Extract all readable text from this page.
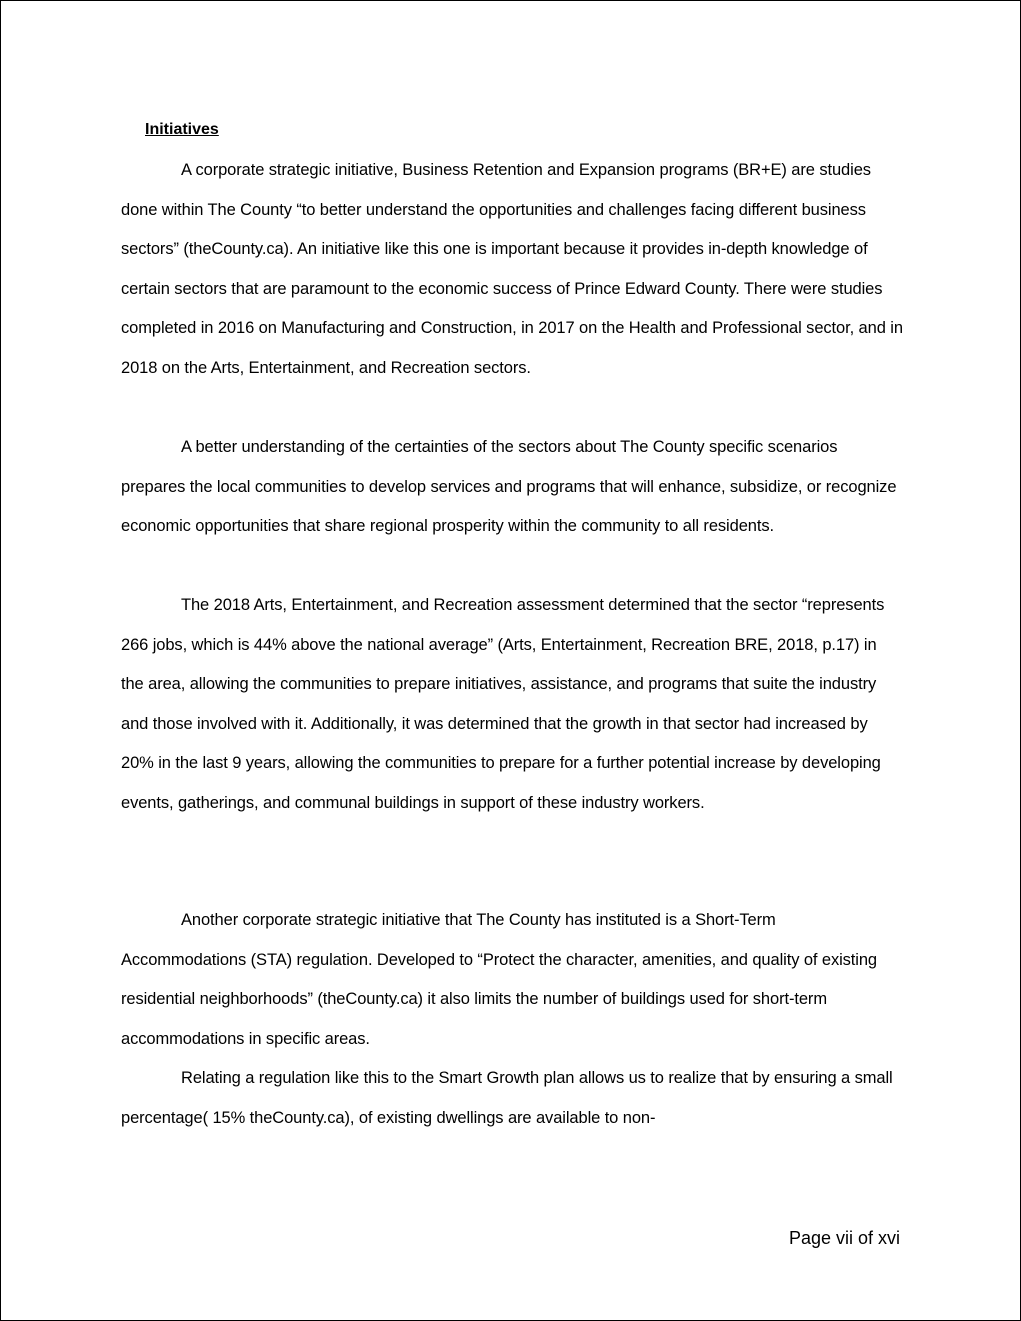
Initiatives

A corporate strategic initiative, Business Retention and Expansion programs (BR+E) are studies done within The County “to better understand the opportunities and challenges facing different business sectors” (theCounty.ca). An initiative like this one is important because it provides in-depth knowledge of certain sectors that are paramount to the economic success of Prince Edward County. There were studies completed in 2016 on Manufacturing and Construction, in 2017 on the Health and Professional sector, and in 2018 on the Arts, Entertainment, and Recreation sectors.

A better understanding of the certainties of the sectors about The County specific scenarios prepares the local communities to develop services and programs that will enhance, subsidize, or recognize economic opportunities that share regional prosperity within the community to all residents.

The 2018 Arts, Entertainment, and Recreation assessment determined that the sector “represents 266 jobs, which is 44% above the national average” (Arts, Entertainment, Recreation BRE, 2018, p.17) in the area, allowing the communities to prepare initiatives, assistance, and programs that suite the industry and those involved with it. Additionally, it was determined that the growth in that sector had increased by 20% in the last 9 years, allowing the communities to prepare for a further potential increase by developing events, gatherings, and communal buildings in support of these industry workers.

Another corporate strategic initiative that The County has instituted is a Short-Term Accommodations (STA) regulation. Developed to “Protect the character, amenities, and quality of existing residential neighborhoods” (theCounty.ca) it also limits the number of buildings used for short-term accommodations in specific areas.

Relating a regulation like this to the Smart Growth plan allows us to realize that by ensuring a small percentage( 15% theCounty.ca), of existing dwellings are available to non-

Page vii of xvi
